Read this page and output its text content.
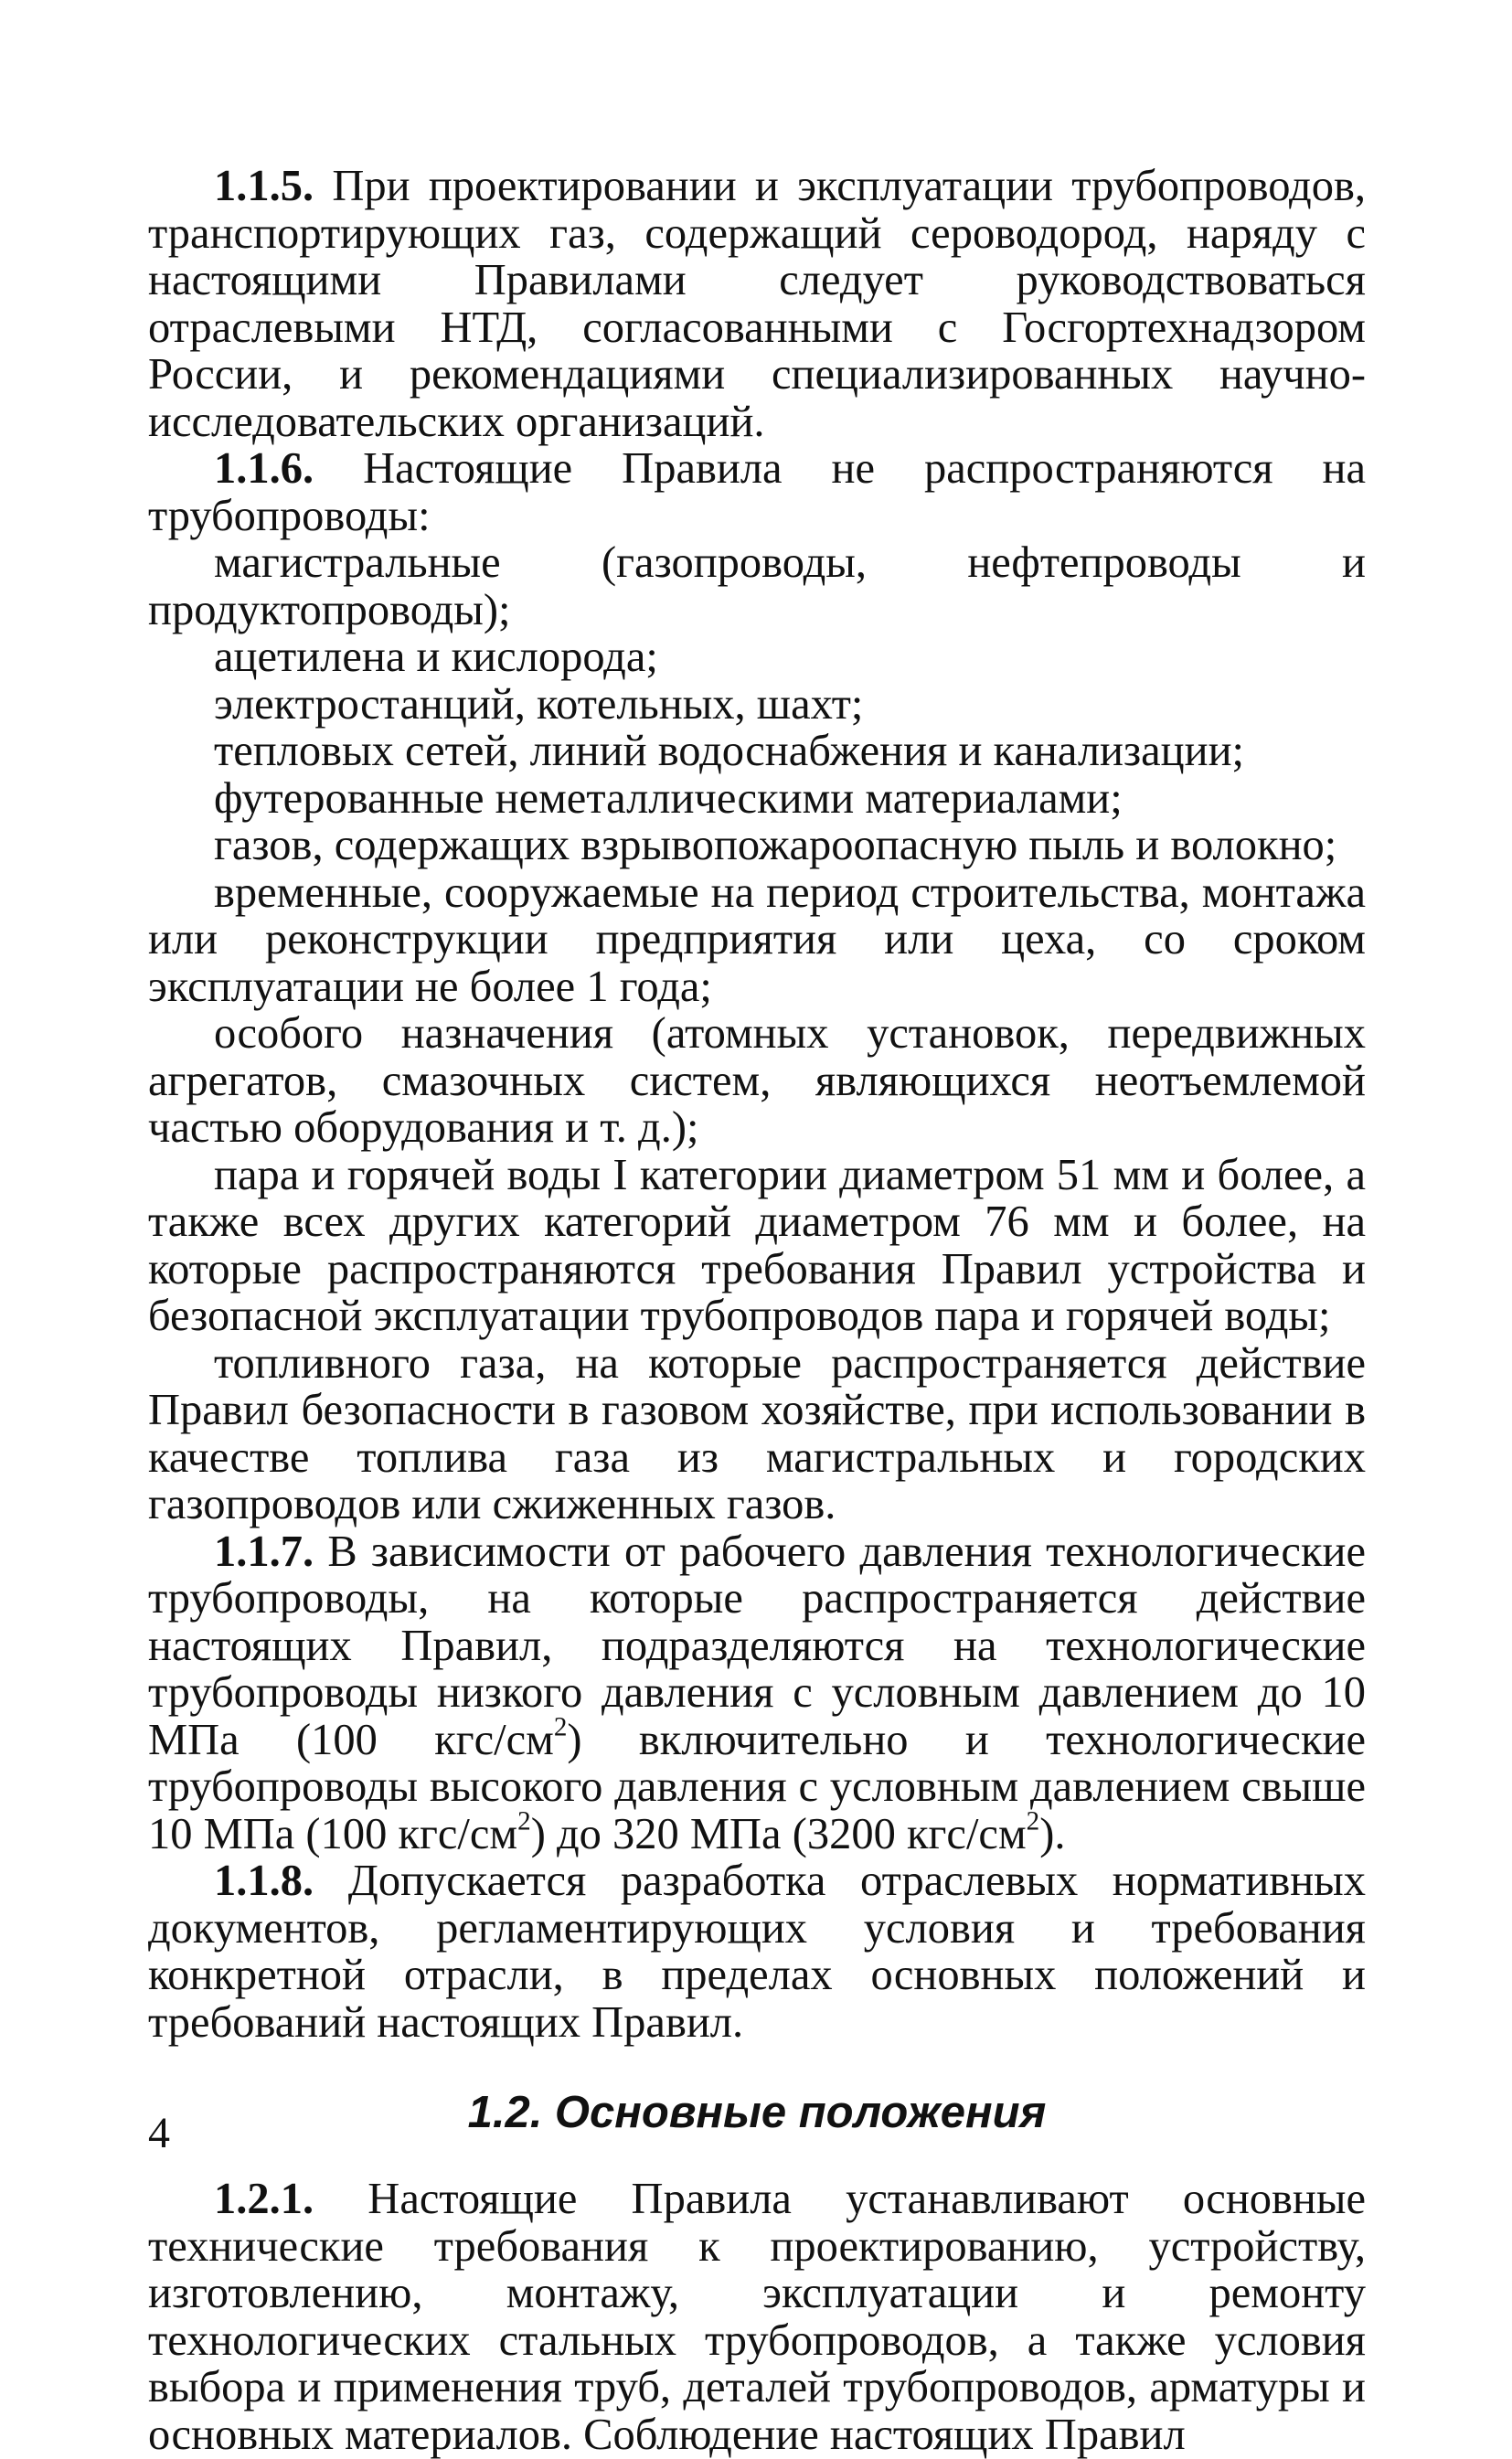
1.1.5. При проектировании и эксплуатации трубопроводов, транспортирующих газ, содержащий сероводород, наряду с настоящими Правилами следует руководствоваться отраслевыми НТД, согласованными с Госгортехнадзором России, и рекомендациями специализированных научно-исследовательских организаций.

1.1.6. Настоящие Правила не распространяются на трубопроводы:

магистральные (газопроводы, нефтепроводы и продуктопроводы);

ацетилена и кислорода;

электростанций, котельных, шахт;

тепловых сетей, линий водоснабжения и канализации;

футерованные неметаллическими материалами;

газов, содержащих взрывопожароопасную пыль и волокно;

временные, сооружаемые на период строительства, монтажа или реконструкции предприятия или цеха, со сроком эксплуатации не более 1 года;

особого назначения (атомных установок, передвижных агрегатов, смазочных систем, являющихся неотъемлемой частью оборудования и т. д.);

пара и горячей воды I категории диаметром 51 мм и более, а также всех других категорий диаметром 76 мм и более, на которые распространяются требования Правил устройства и безопасной эксплуатации трубопроводов пара и горячей воды;

топливного газа, на которые распространяется действие Правил безопасности в газовом хозяйстве, при использовании в качестве топлива газа из магистральных и городских газопроводов или сжиженных газов.

1.1.7. В зависимости от рабочего давления технологические трубопроводы, на которые распространяется действие настоящих Правил, подразделяются на технологические трубопроводы низкого давления с условным давлением до 10 МПа (100 кгс/$см^2$) включительно и технологические трубопроводы высокого давления с условным давлением свыше 10 МПа (100 кгс/$см^2$) до 320 МПа (3200 кгс/$см^2$).

1.1.8. Допускается разработка отраслевых нормативных документов, регламентирующих условия и требования конкретной отрасли, в пределах основных положений и требований настоящих Правил.

1.2. Основные положения

1.2.1. Настоящие Правила устанавливают основные технические требования к проектированию, устройству, изготовлению, монтажу, эксплуатации и ремонту технологических стальных трубопроводов, а также условия выбора и применения труб, деталей трубопроводов, арматуры и основных материалов. Соблюдение настоящих Правил

4
